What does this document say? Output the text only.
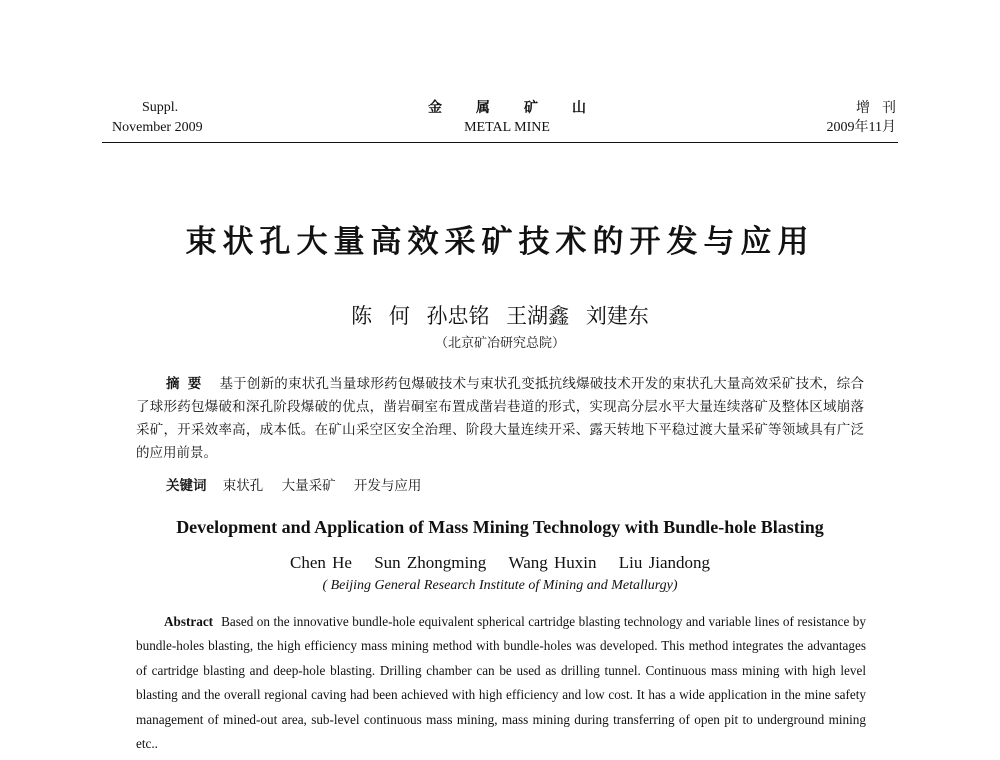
Suppl.
November 2009
金属矿山
METAL MINE
增刊
2009年11月
束状孔大量高效采矿技术的开发与应用
陈 何 孙忠铭 王湖鑫 刘建东
（北京矿冶研究总院）
摘要 基于创新的束状孔当量球形药包爆破技术与束状孔变抵抗线爆破技术开发的束状孔大量高效采矿技术，综合了球形药包爆破和深孔阶段爆破的优点，凿岩硐室布置成凿岩巷道的形式，实现高分层水平大量连续落矿及整体区域崩落采矿，开采效率高，成本低。在矿山采空区安全治理、阶段大量连续开采、露天转地下平稳过渡大量采矿等领域具有广泛的应用前景。
关键词 束状孔 大量采矿 开发与应用
Development and Application of Mass Mining Technology with Bundle-hole Blasting
Chen He Sun Zhongming Wang Huxin Liu Jiandong
( Beijing General Research Institute of Mining and Metallurgy)
Abstract Based on the innovative bundle-hole equivalent spherical cartridge blasting technology and variable lines of resistance by bundle-holes blasting, the high efficiency mass mining method with bundle-holes was developed. This method integrates the advantages of cartridge blasting and deep-hole blasting. Drilling chamber can be used as drilling tunnel. Continuous mass mining with high level blasting and the overall regional caving had been achieved with high efficiency and low cost. It has a wide application in the mine safety management of mined-out area, sub-level continuous mass mining, mass mining during transferring of open pit to underground mining etc..
